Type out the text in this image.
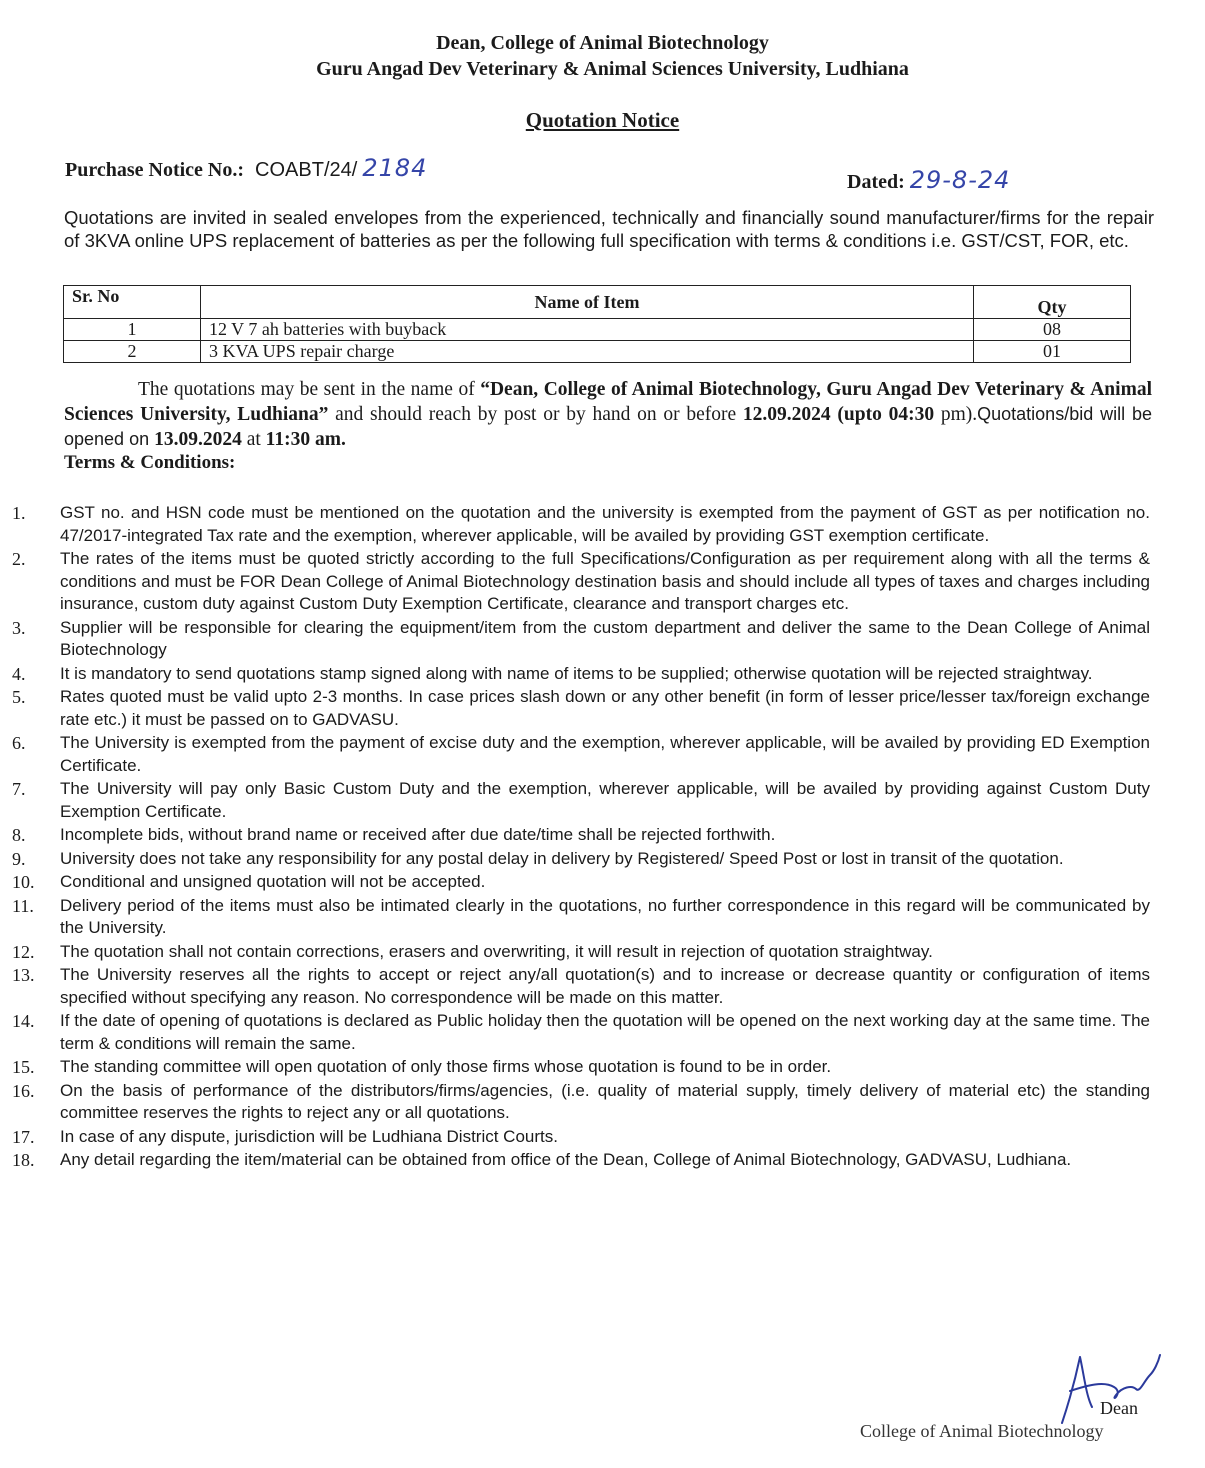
Dean, College of Animal Biotechnology
Guru Angad Dev Veterinary & Animal Sciences University, Ludhiana
Quotation Notice
Purchase Notice No.: COABT/24/ 2184	Dated: 29-8-24
Quotations are invited in sealed envelopes from the experienced, technically and financially sound manufacturer/firms for the repair of 3KVA online UPS replacement of batteries as per the following full specification with terms & conditions i.e. GST/CST, FOR, etc.
Sr. No	Name of Item	Qty
1	12 V 7 ah batteries with buyback	08
2	3 KVA UPS repair charge	01
The quotations may be sent in the name of “Dean, College of Animal Biotechnology, Guru Angad Dev Veterinary & Animal Sciences University, Ludhiana” and should reach by post or by hand on or before 12.09.2024 (upto 04:30 pm).Quotations/bid will be opened on 13.09.2024 at 11:30 am.
Terms & Conditions:
1.	GST no. and HSN code must be mentioned on the quotation and the university is exempted from the payment of GST as per notification no. 47/2017-integrated Tax rate and the exemption, wherever applicable, will be availed by providing GST exemption certificate.
2.	The rates of the items must be quoted strictly according to the full Specifications/Configuration as per requirement along with all the terms & conditions and must be FOR Dean College of Animal Biotechnology destination basis and should include all types of taxes and charges including insurance, custom duty against Custom Duty Exemption Certificate, clearance and transport charges etc.
3.	Supplier will be responsible for clearing the equipment/item from the custom department and deliver the same to the Dean College of Animal Biotechnology
4.	It is mandatory to send quotations stamp signed along with name of items to be supplied; otherwise quotation will be rejected straightway.
5.	Rates quoted must be valid upto 2-3 months. In case prices slash down or any other benefit (in form of lesser price/lesser tax/foreign exchange rate etc.) it must be passed on to GADVASU.
6.	The University is exempted from the payment of excise duty and the exemption, wherever applicable, will be availed by providing ED Exemption Certificate.
7.	The University will pay only Basic Custom Duty and the exemption, wherever applicable, will be availed by providing against Custom Duty Exemption Certificate.
8.	Incomplete bids, without brand name or received after due date/time shall be rejected forthwith.
9.	University does not take any responsibility for any postal delay in delivery by Registered/ Speed Post or lost in transit of the quotation.
10.	Conditional and unsigned quotation will not be accepted.
11.	Delivery period of the items must also be intimated clearly in the quotations, no further correspondence in this regard will be communicated by the University.
12.	The quotation shall not contain corrections, erasers and overwriting, it will result in rejection of quotation straightway.
13.	The University reserves all the rights to accept or reject any/all quotation(s) and to increase or decrease quantity or configuration of items specified without specifying any reason. No correspondence will be made on this matter.
14.	If the date of opening of quotations is declared as Public holiday then the quotation will be opened on the next working day at the same time. The term & conditions will remain the same.
15.	The standing committee will open quotation of only those firms whose quotation is found to be in order.
16.	On the basis of performance of the distributors/firms/agencies, (i.e. quality of material supply, timely delivery of material etc) the standing committee reserves the rights to reject any or all quotations.
17.	In case of any dispute, jurisdiction will be Ludhiana District Courts.
18.	Any detail regarding the item/material can be obtained from office of the Dean, College of Animal Biotechnology, GADVASU, Ludhiana.
Dean
College of Animal Biotechnology
